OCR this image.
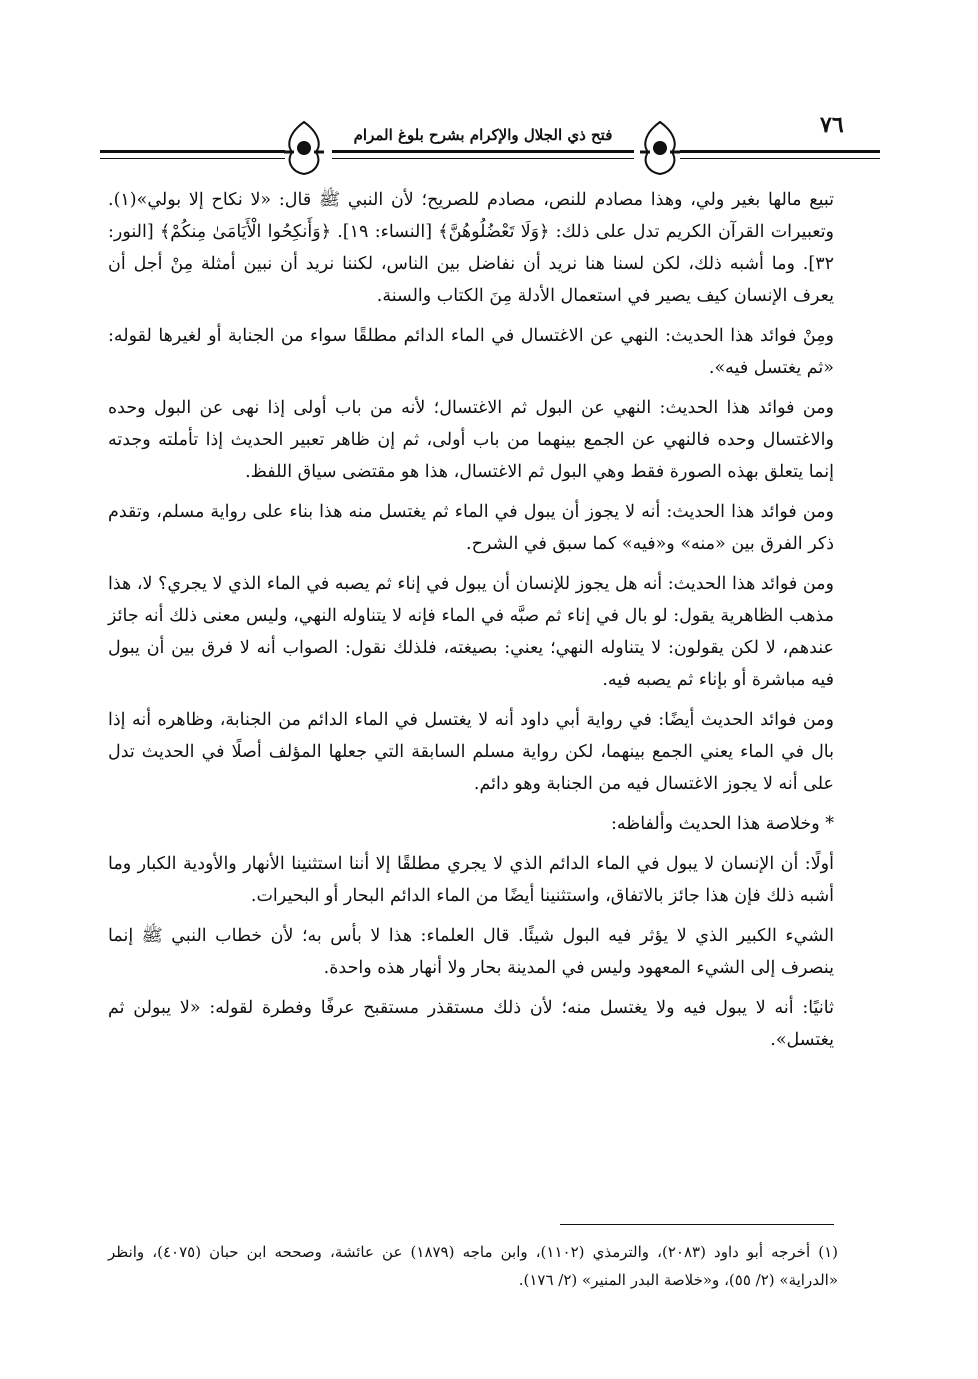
فتح ذي الجلال والإكرام بشرح بلوغ المرام	٧٦

تبيع مالها بغير ولي، وهذا مصادم للنص، مصادم للصريح؛ لأن النبي ﷺ قال: «لا نكاح إلا بولي»(١). وتعبيرات القرآن الكريم تدل على ذلك: ﴿وَلَا تَعْضُلُوهُنَّ﴾ [النساء: ١٩]. ﴿وَأَنكِحُوا الْأَيَامَىٰ مِنكُمْ﴾ [النور: ٣٢]. وما أشبه ذلك، لكن لسنا هنا نريد أن نفاضل بين الناس، لكننا نريد أن نبين أمثلة مِنْ أجل أن يعرف الإنسان كيف يصير في استعمال الأدلة مِنَ الكتاب والسنة.

ومِنْ فوائد هذا الحديث: النهي عن الاغتسال في الماء الدائم مطلقًا سواء من الجنابة أو لغيرها لقوله: «ثم يغتسل فيه».

ومن فوائد هذا الحديث: النهي عن البول ثم الاغتسال؛ لأنه من باب أولى إذا نهى عن البول وحده والاغتسال وحده فالنهي عن الجمع بينهما من باب أولى، ثم إن ظاهر تعبير الحديث إذا تأملته وجدته إنما يتعلق بهذه الصورة فقط وهي البول ثم الاغتسال، هذا هو مقتضى سياق اللفظ.

ومن فوائد هذا الحديث: أنه لا يجوز أن يبول في الماء ثم يغتسل منه هذا بناء على رواية مسلم، وتقدم ذكر الفرق بين «منه» و«فيه» كما سبق في الشرح.

ومن فوائد هذا الحديث: أنه هل يجوز للإنسان أن يبول في إناء ثم يصبه في الماء الذي لا يجري؟ لا، هذا مذهب الظاهرية يقول: لو بال في إناء ثم صبَّه في الماء فإنه لا يتناوله النهي، وليس معنى ذلك أنه جائز عندهم، لا لكن يقولون: لا يتناوله النهي؛ يعني: بصيغته، فلذلك نقول: الصواب أنه لا فرق بين أن يبول فيه مباشرة أو بإناء ثم يصبه فيه.

ومن فوائد الحديث أيضًا: في رواية أبي داود أنه لا يغتسل في الماء الدائم من الجنابة، وظاهره أنه إذا بال في الماء يعني الجمع بينهما، لكن رواية مسلم السابقة التي جعلها المؤلف أصلًا في الحديث تدل على أنه لا يجوز الاغتسال فيه من الجنابة وهو دائم.

* وخلاصة هذا الحديث وألفاظه:

أولًا: أن الإنسان لا يبول في الماء الدائم الذي لا يجري مطلقًا إلا أننا استثنينا الأنهار والأودية الكبار وما أشبه ذلك فإن هذا جائز بالاتفاق، واستثنينا أيضًا من الماء الدائم البحار أو البحيرات.

الشيء الكبير الذي لا يؤثر فيه البول شيئًا. قال العلماء: هذا لا بأس به؛ لأن خطاب النبي ﷺ إنما ينصرف إلى الشيء المعهود وليس في المدينة بحار ولا أنهار هذه واحدة.

ثانيًا: أنه لا يبول فيه ولا يغتسل منه؛ لأن ذلك مستقذر مستقبح عرفًا وفطرة لقوله: «لا يبولن ثم يغتسل».

(١) أخرجه أبو داود (٢٠٨٣)، والترمذي (١١٠٢)، وابن ماجه (١٨٧٩) عن عائشة، وصححه ابن حبان (٤٠٧٥)، وانظر «الدراية» (٢/ ٥٥)، و«خلاصة البدر المنير» (٢/ ١٧٦).
